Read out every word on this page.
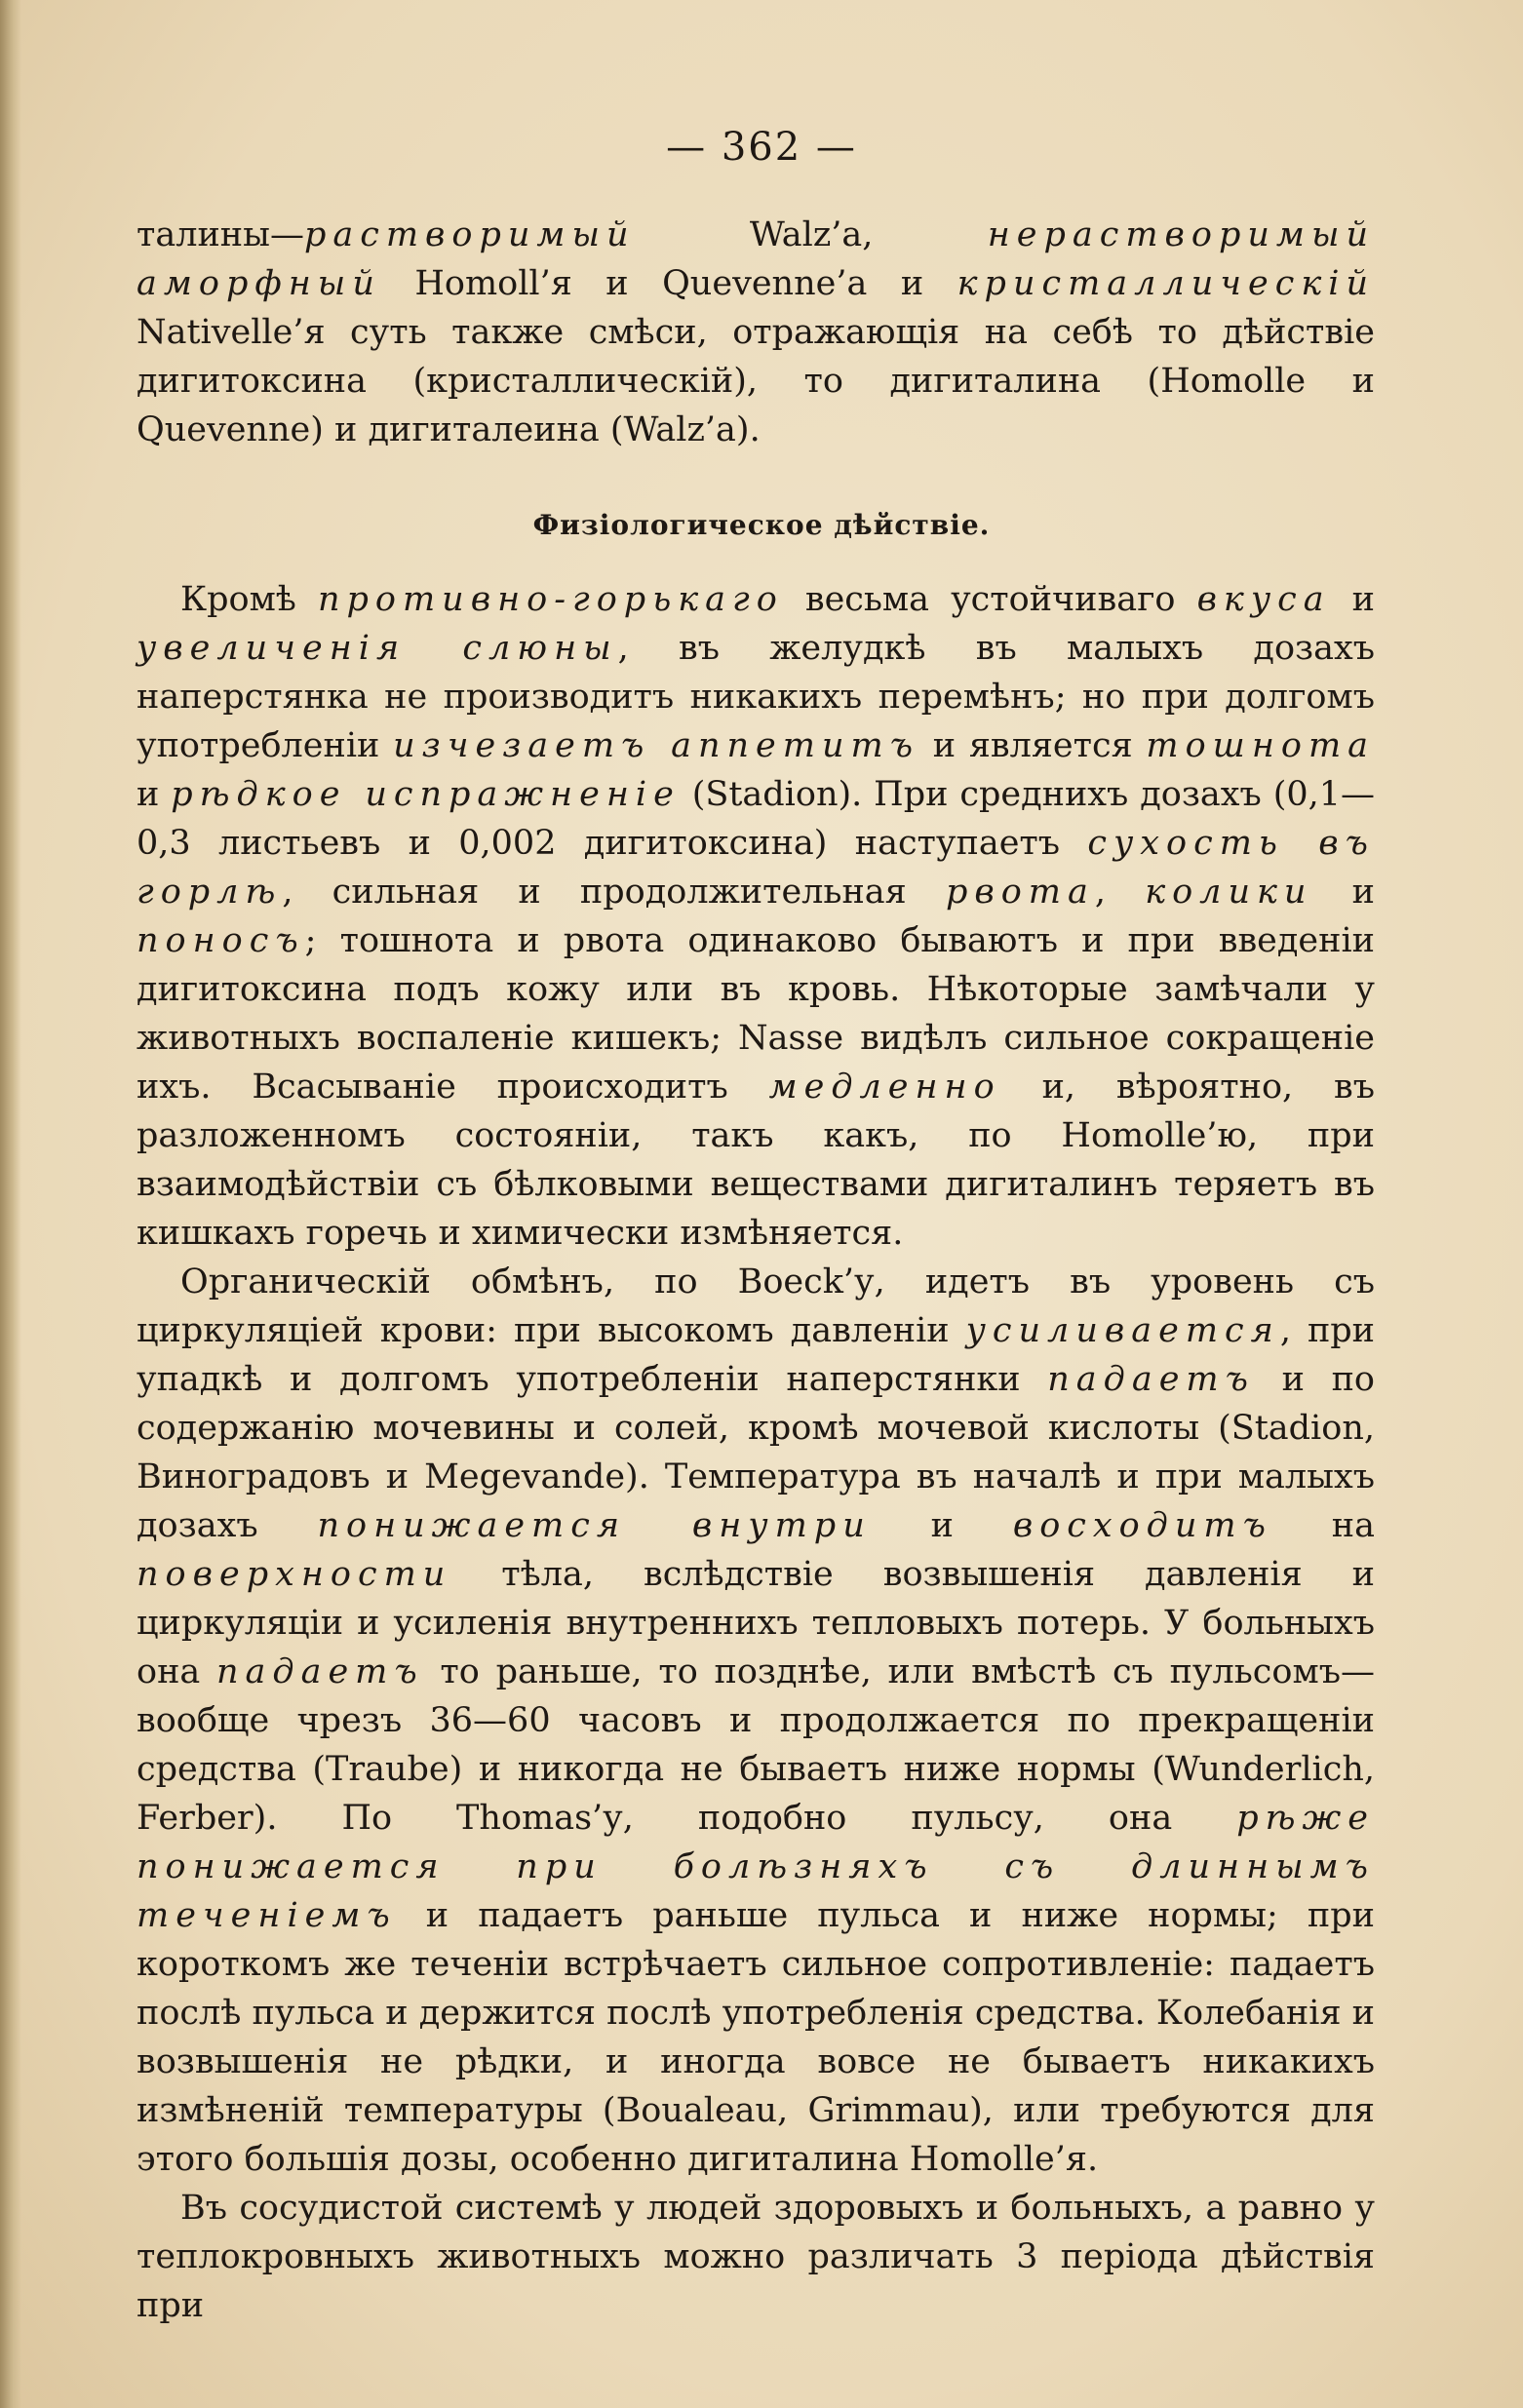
— 362 —

талины—растворимый Walz’a, нерастворимый аморфный Homoll’я и Quevenne’a и кристаллическій Nativelle’я суть также смѣси, отражающія на себѣ то дѣйствіе дигитоксина (кристаллическій), то дигиталина (Homolle и Quevenne) и дигиталеина (Walz’a).

Физіологическое дѣйствіе.

Кромѣ противно-горькаго весьма устойчиваго вкуса и увеличенія слюны, въ желудкѣ въ малыхъ дозахъ наперстянка не производитъ никакихъ перемѣнъ; но при долгомъ употребленіи изчезаетъ аппетитъ и является тошнота и рѣдкое испражненіе (Stadion). При среднихъ дозахъ (0,1—0,3 листьевъ и 0,002 дигитоксина) наступаетъ сухость въ горлѣ, сильная и продолжительная рвота, колики и поносъ; тошнота и рвота одинаково бываютъ и при введеніи дигитоксина подъ кожу или въ кровь. Нѣкоторые замѣчали у животныхъ воспаленіе кишекъ; Nasse видѣлъ сильное сокращеніе ихъ. Всасываніе происходитъ медленно и, вѣроятно, въ разложенномъ состояніи, такъ какъ, по Homolle’ю, при взаимодѣйствіи съ бѣлковыми веществами дигиталинъ теряетъ въ кишкахъ горечь и химически измѣняется.

Органическій обмѣнъ, по Boeck’у, идетъ въ уровень съ циркуляціей крови: при высокомъ давленіи усиливается, при упадкѣ и долгомъ употребленіи наперстянки падаетъ и по содержанію мочевины и солей, кромѣ мочевой кислоты (Stadion, Виноградовъ и Megevande). Температура въ началѣ и при малыхъ дозахъ понижается внутри и восходитъ на поверхности тѣла, вслѣдствіе возвышенія давленія и циркуляціи и усиленія внутреннихъ тепловыхъ потерь. У больныхъ она падаетъ то раньше, то позднѣе, или вмѣстѣ съ пульсомъ—вообще чрезъ 36—60 часовъ и продолжается по прекращеніи средства (Traube) и никогда не бываетъ ниже нормы (Wunderlich, Ferber). По Thomas’у, подобно пульсу, она рѣже понижается при болѣзняхъ съ длиннымъ теченіемъ и падаетъ раньше пульса и ниже нормы; при короткомъ же теченіи встрѣчаетъ сильное сопротивленіе: падаетъ послѣ пульса и держится послѣ употребленія средства. Колебанія и возвышенія не рѣдки, и иногда вовсе не бываетъ никакихъ измѣненій температуры (Boualeau, Grimmau), или требуются для этого большія дозы, особенно дигиталина Homolle’я.

Въ сосудистой системѣ у людей здоровыхъ и больныхъ, а равно у теплокровныхъ животныхъ можно различать 3 періода дѣйствія при
